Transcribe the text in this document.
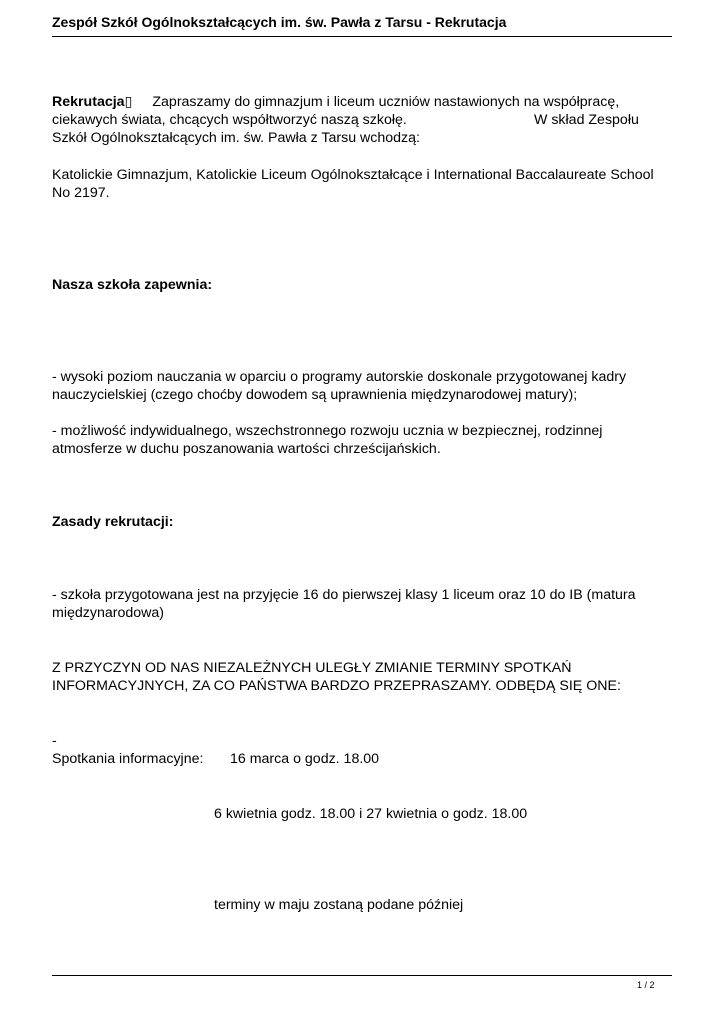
Zespół Szkół Ogólnokształcących im. św. Pawła z Tarsu - Rekrutacja
Rekrutacja▯ Zapraszamy do gimnazjum i liceum uczniów nastawionych na współpracę,
ciekawych świata, chcących współtworzyć naszą szkołę.	W skład Zespołu
Szkół Ogólnokształcących im. św. Pawła z Tarsu wchodzą:
Katolickie Gimnazjum, Katolickie Liceum Ogólnokształcące i International Baccalaureate School
No 2197.
Nasza szkoła zapewnia:
- wysoki poziom nauczania w oparciu o programy autorskie doskonale przygotowanej kadry
nauczycielskiej (czego choćby dowodem są uprawnienia międzynarodowej matury);
- możliwość indywidualnego, wszechstronnego rozwoju ucznia w bezpiecznej, rodzinnej
atmosferze w duchu poszanowania wartości chrześcijańskich.
Zasady rekrutacji:
- szkoła przygotowana jest na przyjęcie 16 do pierwszej klasy 1 liceum oraz 10 do IB (matura
międzynarodowa)
Z PRZYCZYN OD NAS NIEZALEŻNYCH ULEGŁY ZMIANIE TERMINY SPOTKAŃ
INFORMACYJNYCH, ZA CO PAŃSTWA BARDZO PRZEPRASZAMY. ODBĘDĄ SIĘ ONE:
-
Spotkania informacyjne: 16 marca o godz. 18.00
6 kwietnia godz. 18.00 i 27 kwietnia o godz. 18.00
terminy w maju zostaną podane później
1 / 2
